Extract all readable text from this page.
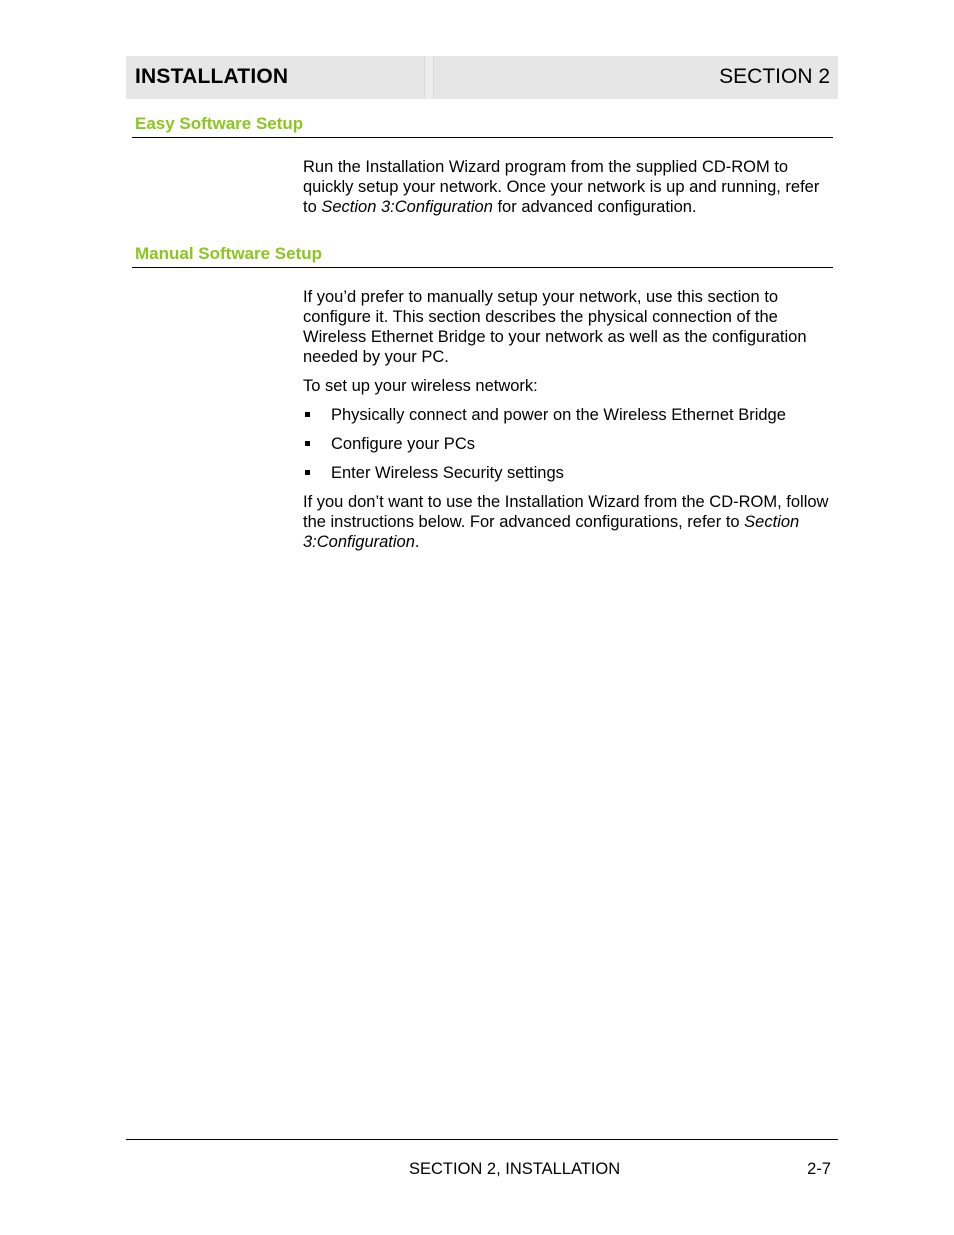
INSTALLATION	SECTION 2
Easy Software Setup

Run the Installation Wizard program from the supplied CD-ROM to quickly setup your network. Once your network is up and running, refer to Section 3:Configuration for advanced configuration.

Manual Software Setup

If you’d prefer to manually setup your network, use this section to configure it. This section describes the physical connection of the Wireless Ethernet Bridge to your network as well as the configuration needed by your PC.

To set up your wireless network:

Physically connect and power on the Wireless Ethernet Bridge
Configure your PCs
Enter Wireless Security settings

If you don’t want to use the Installation Wizard from the CD-ROM, follow the instructions below. For advanced configurations, refer to Section 3:Configuration.

SECTION 2, INSTALLATION	2-7
